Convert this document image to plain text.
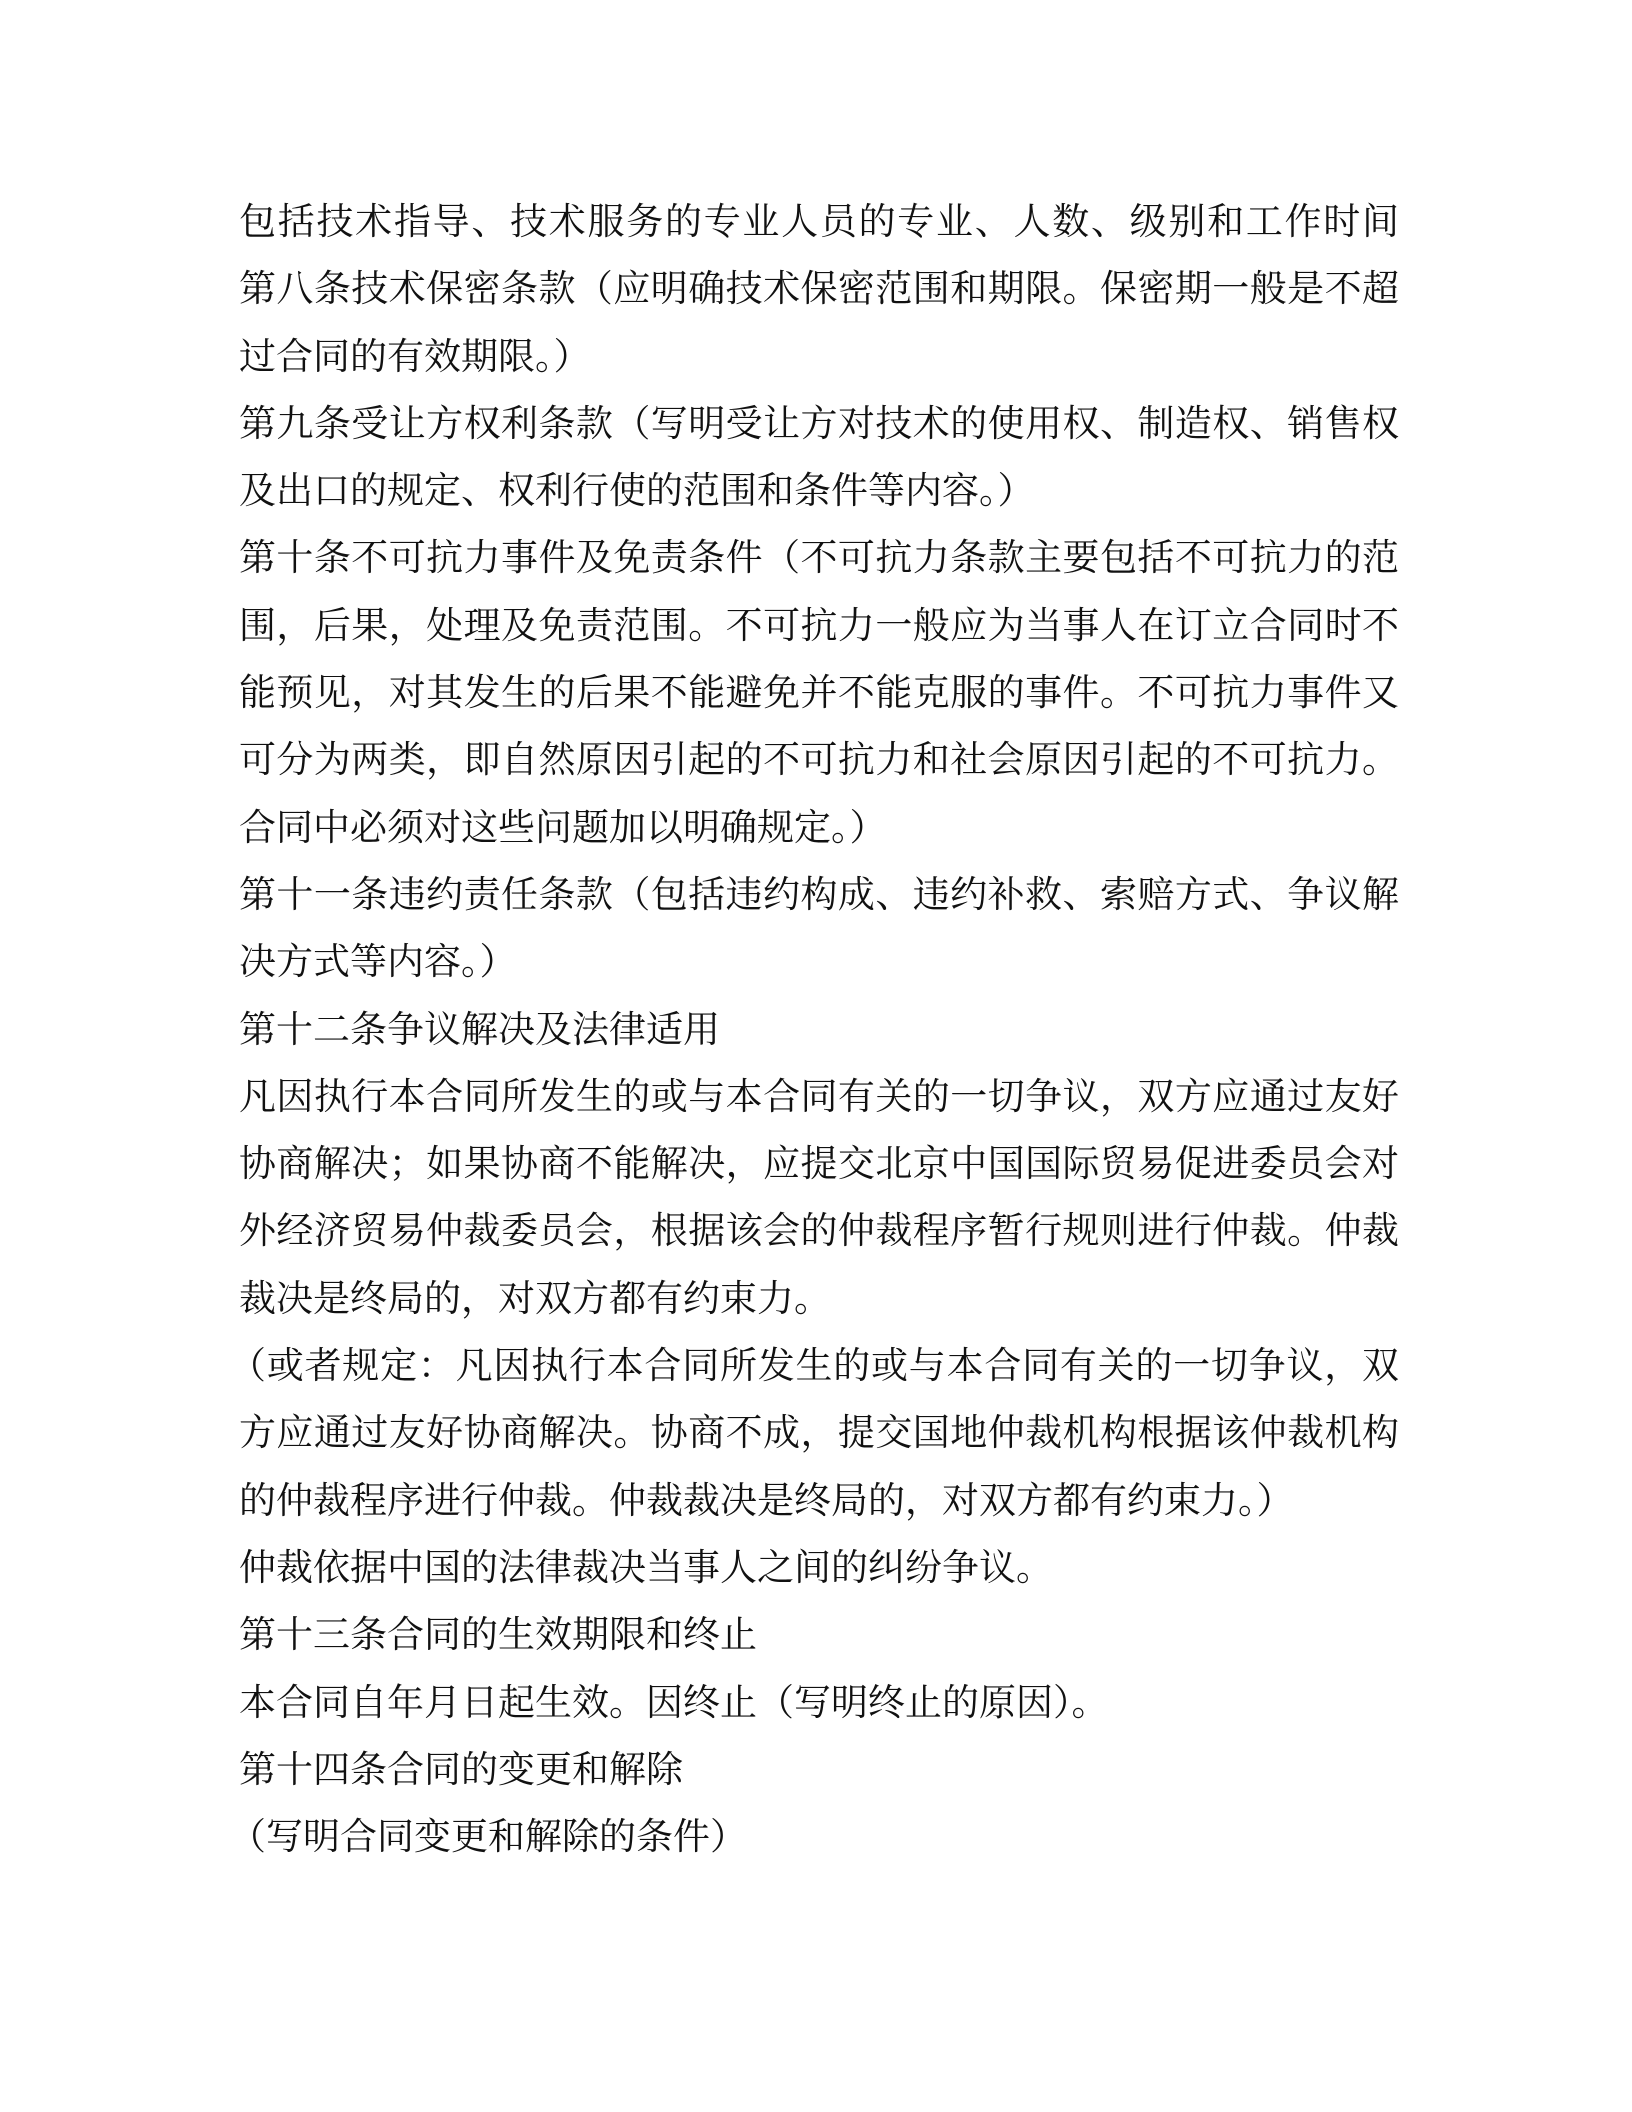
包括技术指导、技术服务的专业人员的专业、人数、级别和工作时间
第八条技术保密条款（应明确技术保密范围和期限。保密期一般是不超
过合同的有效期限。）
第九条受让方权利条款（写明受让方对技术的使用权、制造权、销售权
及出口的规定、权利行使的范围和条件等内容。）
第十条不可抗力事件及免责条件（不可抗力条款主要包括不可抗力的范
围，后果，处理及免责范围。不可抗力一般应为当事人在订立合同时不
能预见，对其发生的后果不能避免并不能克服的事件。不可抗力事件又
可分为两类，即自然原因引起的不可抗力和社会原因引起的不可抗力。
合同中必须对这些问题加以明确规定。）
第十一条违约责任条款（包括违约构成、违约补救、索赔方式、争议解
决方式等内容。）
第十二条争议解决及法律适用
凡因执行本合同所发生的或与本合同有关的一切争议，双方应通过友好
协商解决；如果协商不能解决，应提交北京中国国际贸易促进委员会对
外经济贸易仲裁委员会，根据该会的仲裁程序暂行规则进行仲裁。仲裁
裁决是终局的，对双方都有约束力。
（或者规定：凡因执行本合同所发生的或与本合同有关的一切争议，双
方应通过友好协商解决。协商不成，提交国地仲裁机构根据该仲裁机构
的仲裁程序进行仲裁。仲裁裁决是终局的，对双方都有约束力。）
仲裁依据中国的法律裁决当事人之间的纠纷争议。
第十三条合同的生效期限和终止
本合同自年月日起生效。因终止（写明终止的原因）。
第十四条合同的变更和解除
（写明合同变更和解除的条件）
